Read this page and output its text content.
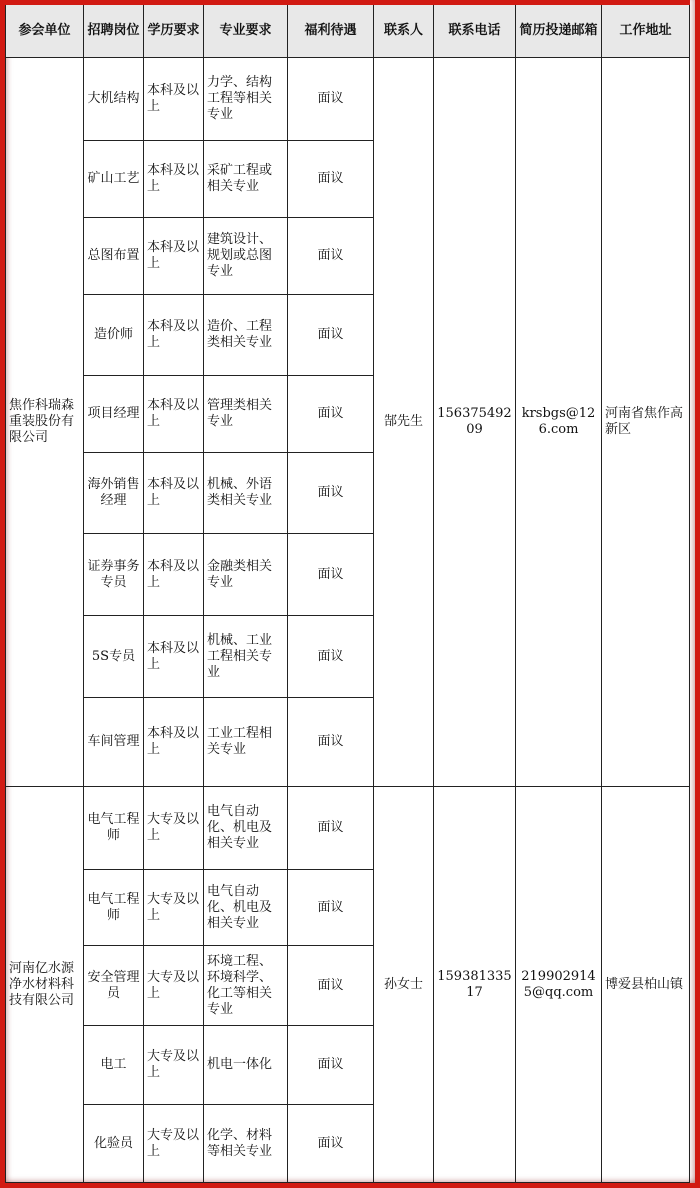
参会单位	招聘岗位	学历要求	专业要求	福利待遇	联系人	联系电话	简历投递邮箱	工作地址
焦作科瑞森重装股份有限公司	大机结构	本科及以上	力学、结构工程等相关专业	面议	郜先生	15637549209	krsbgs@126.com	河南省焦作高新区
	矿山工艺	本科及以上	采矿工程或相关专业	面议				
	总图布置	本科及以上	建筑设计、规划或总图专业	面议				
	造价师	本科及以上	造价、工程类相关专业	面议				
	项目经理	本科及以上	管理类相关专业	面议				
	海外销售经理	本科及以上	机械、外语类相关专业	面议				
	证券事务专员	本科及以上	金融类相关专业	面议				
	5S专员	本科及以上	机械、工业工程相关专业	面议				
	车间管理	本科及以上	工业工程相关专业	面议				
河南亿水源净水材料科技有限公司	电气工程师	大专及以上	电气自动化、机电及相关专业	面议	孙女士	15938133517	2199029145@qq.com	博爱县柏山镇
	电气工程师	大专及以上	电气自动化、机电及相关专业	面议				
	安全管理员	大专及以上	环境工程、环境科学、化工等相关专业	面议				
	电工	大专及以上	机电一体化	面议				
	化验员	大专及以上	化学、材料等相关专业	面议				
